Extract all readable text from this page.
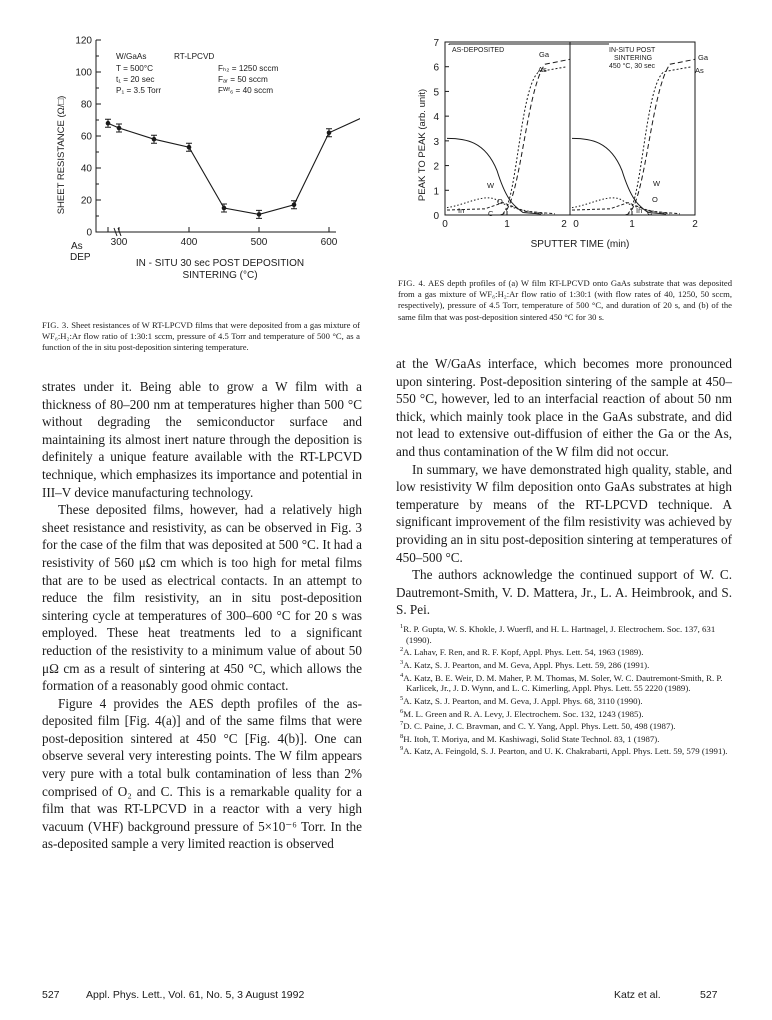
0
20
40
60
80
100
120
300	400	500	600
SHEET RESISTANCE (Ω/□)
As
DEP
IN - SITU 30 sec POST DEPOSITION
SINTERING (°C)
W/GaAs
T = 500°C
t₁ = 20 sec
P₁ = 3.5 Torr
RT-LPCVD
Fₕ₂ = 1250 sccm
Fₐᵣ = 50 sccm
Fᵂᶠ₆ = 40 sccm
FIG. 3. Sheet resistances of W RT-LPCVD films that were deposited from a gas mixture of WF₆:H₂:Ar flow ratio of 1:30:1 sccm, pressure of 4.5 Torr and temperature of 500 °C, as a function of the in situ post-deposition sintering temperature.
0
1
2
3
4
5
6
7
0	1	2 0	1	2
PEAK TO PEAK (arb. unit)
SPUTTER TIME (min)
AS-DEPOSITED	IN-SITU POST
SINTERING
450 °C, 30 sec
Ga
As
W
In
O
C
Ga
As
W
In
O
C
FIG. 4. AES depth profiles of (a) W film RT-LPCVD onto GaAs substrate that was deposited from a gas mixture of WF₆:H₂:Ar flow ratio of 1:30:1 (with flow rates of 40, 1250, 50 sccm, respectively), pressure of 4.5 Torr, temperature of 500 °C, and duration of 20 s, and (b) of the same film that was post-deposition sintered 450 °C for 30 s.

strates under it. Being able to grow a W film with a thickness of 80–200 nm at temperatures higher than 500 °C without degrading the semiconductor surface and maintaining its almost inert nature through the deposition is definitely a unique feature available with the RT-LPCVD technique, which emphasizes its importance and potential in III–V device manufacturing technology.

These deposited films, however, had a relatively high sheet resistance and resistivity, as can be observed in Fig. 3 for the case of the film that was deposited at 500 °C. It had a resistivity of 560 μΩ cm which is too high for metal films that are to be used as electrical contacts. In an attempt to reduce the film resistivity, an in situ post-deposition sintering cycle at temperatures of 300–600 °C for 20 s was employed. These heat treatments led to a significant reduction of the resistivity to a minimum value of about 50 μΩ cm as a result of sintering at 450 °C, which allows the formation of a reasonably good ohmic contact.

Figure 4 provides the AES depth profiles of the as-deposited film [Fig. 4(a)] and of the same films that were post-deposition sintered at 450 °C [Fig. 4(b)]. One can observe several very interesting points. The W film appears very pure with a total bulk contamination of less than 2% comprised of O₂ and C. This is a remarkable quality for a film that was RT-LPCVD in a reactor with a very high vacuum (VHF) background pressure of 5×10⁻⁶ Torr. In the as-deposited sample a very limited reaction is observed

at the W/GaAs interface, which becomes more pronounced upon sintering. Post-deposition sintering of the sample at 450–550 °C, however, led to an interfacial reaction of about 50 nm thick, which mainly took place in the GaAs substrate, and did not lead to extensive out-diffusion of either the Ga or the As, and thus contamination of the W film did not occur.

In summary, we have demonstrated high quality, stable, and low resistivity W film deposition onto GaAs substrates at high temperature by means of the RT-LPCVD technique. A significant improvement of the film resistivity was achieved by providing an in situ post-deposition sintering at temperatures of 450–500 °C.

The authors acknowledge the continued support of W. C. Dautremont-Smith, V. D. Mattera, Jr., L. A. Heimbrook, and S. S. Pei.

$^1$R. P. Gupta, W. S. Khokle, J. Wuerfl, and H. L. Hartnagel, J. Electrochem. Soc. 137, 631 (1990).

$^2$A. Lahav, F. Ren, and R. F. Kopf, Appl. Phys. Lett. 54, 1963 (1989).

$^3$A. Katz, S. J. Pearton, and M. Geva, Appl. Phys. Lett. 59, 286 (1991).

$^4$A. Katz, B. E. Weir, D. M. Maher, P. M. Thomas, M. Soler, W. C. Dautremont-Smith, R. P. Karlicek, Jr., J. D. Wynn, and L. C. Kimerling, Appl. Phys. Lett. 55 2220 (1989).

$^5$A. Katz, S. J. Pearton, and M. Geva, J. Appl. Phys. 68, 3110 (1990).

$^6$M. L. Green and R. A. Levy, J. Electrochem. Soc. 132, 1243 (1985).

$^7$D. C. Paine, J. C. Bravman, and C. Y. Yang, Appl. Phys. Lett. 50, 498 (1987).

$^8$H. Itoh, T. Moriya, and M. Kashiwagi, Solid State Technol. 83, 1 (1987).

$^9$A. Katz, A. Feingold, S. J. Pearton, and U. K. Chakrabarti, Appl. Phys. Lett. 59, 579 (1991).

527	Appl. Phys. Lett., Vol. 61, No. 5, 3 August 1992	Katz et al.	527
